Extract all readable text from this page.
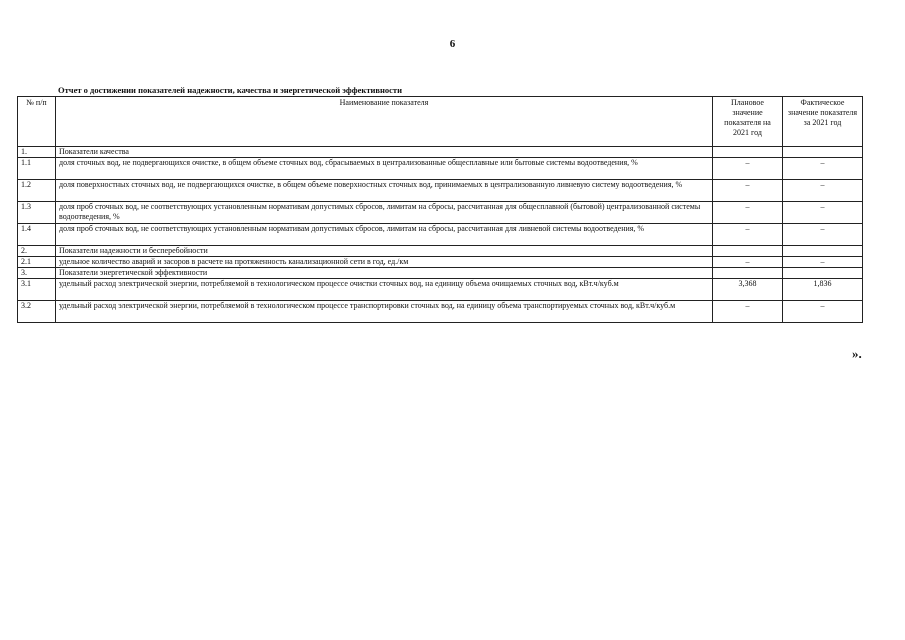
6
Отчет о достижении показателей надежности, качества и энергетической эффективности
№ п/п	Наименование показателя	Плановое значение показателя на 2021 год	Фактическое значение показателя за 2021 год
1.	Показатели качества		
1.1	доля сточных вод, не подвергающихся очистке, в общем объеме сточных вод, сбрасываемых в централизованные общесплавные или бытовые системы водоотведения, %	–	–
1.2	доля поверхностных сточных вод, не подвергающихся очистке, в общем объеме поверхностных сточных вод, принимаемых в централизованную ливневую систему водоотведения, %	–	–
1.3	доля проб сточных вод, не соответствующих установленным нормативам допустимых сбросов, лимитам на сбросы, рассчитанная для общесплавной (бытовой) централизованной системы водоотведения, %	–	–
1.4	доля проб сточных вод, не соответствующих установленным нормативам допустимых сбросов, лимитам на сбросы, рассчитанная для ливневой системы водоотведения, %	–	–
2.	Показатели надежности и бесперебойности		
2.1	удельное количество аварий и засоров в расчете на протяженность канализационной сети в год, ед./км	–	–
3.	Показатели энергетической эффективности		
3.1	удельный расход электрической энергии, потребляемой в технологическом процессе очистки сточных вод, на единицу объема очищаемых сточных вод, кВт.ч/куб.м	3,368	1,836
3.2	удельный расход электрической энергии, потребляемой в технологическом процессе транспортировки сточных вод, на единицу объема транспортируемых сточных вод, кВт.ч/куб.м	–	–
».
